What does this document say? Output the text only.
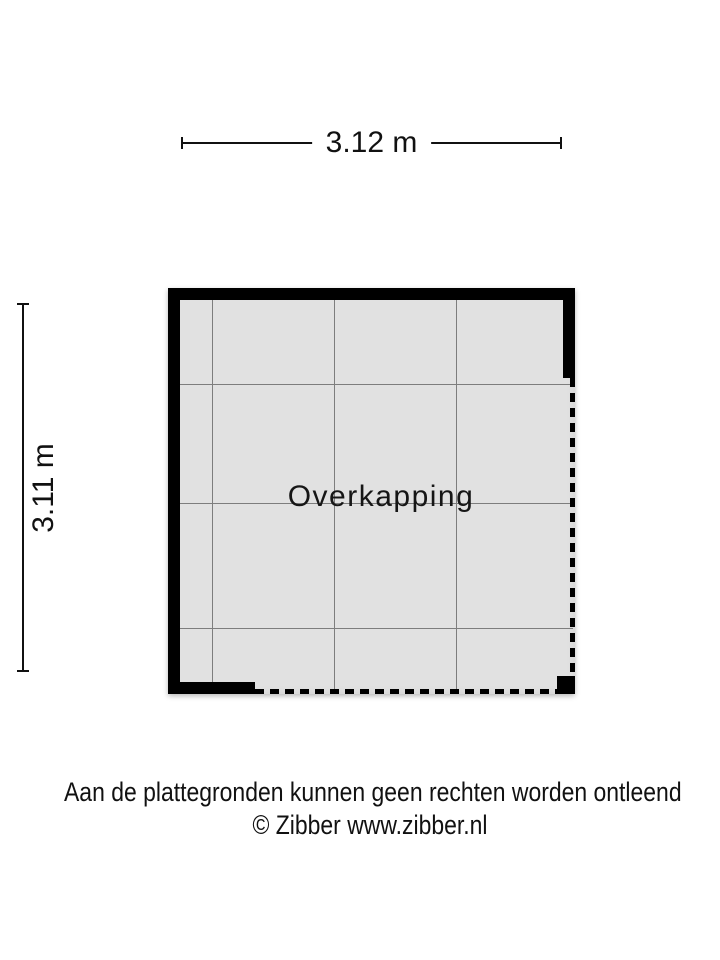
3.12 m
3.11 m	Overkapping
Aan de plattegronden kunnen geen rechten worden ontleend
© Zibber www.zibber.nl
